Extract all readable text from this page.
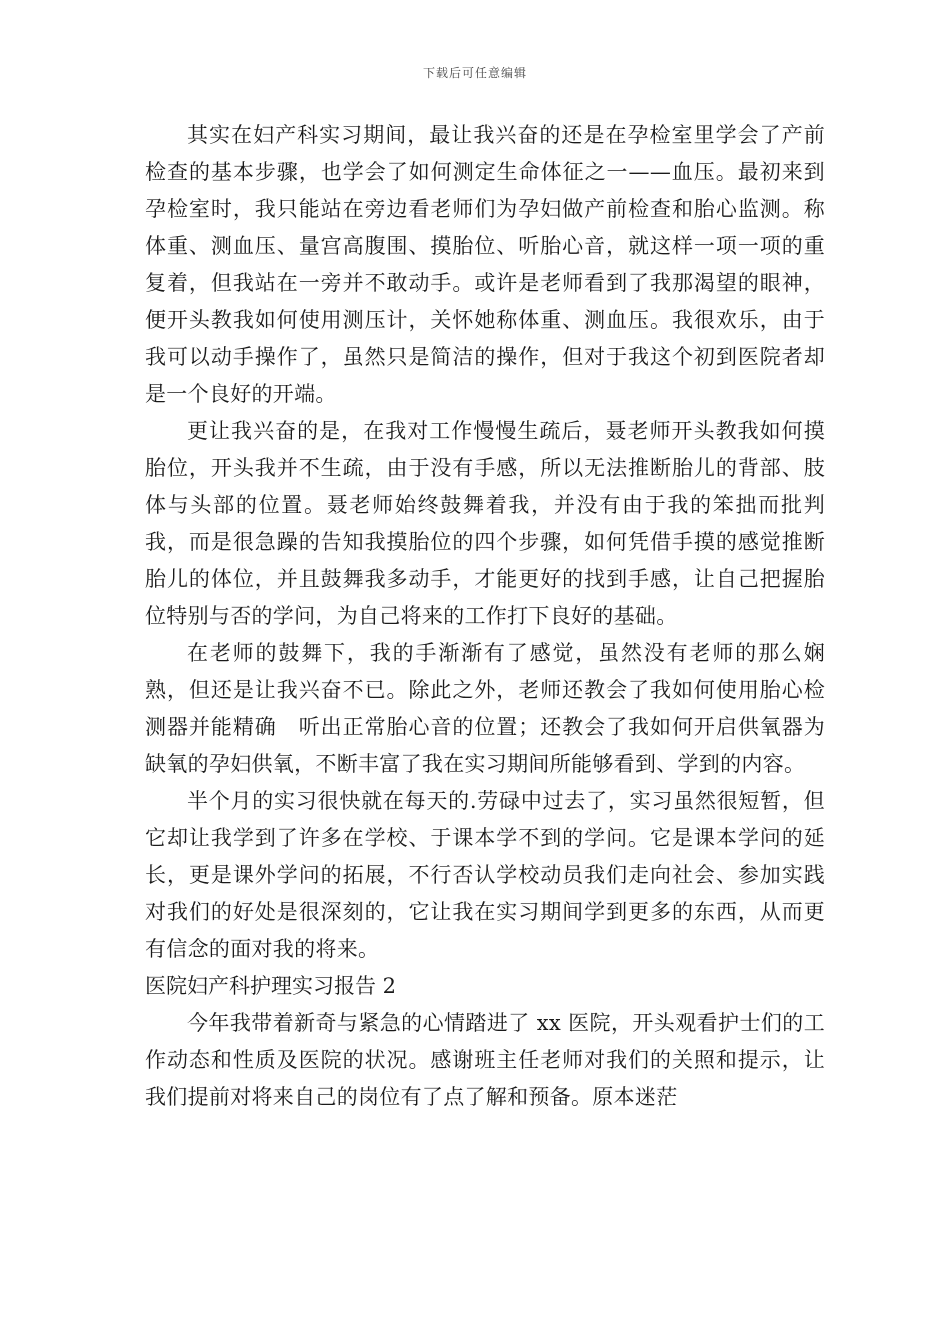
下载后可任意编辑

其实在妇产科实习期间，最让我兴奋的还是在孕检室里学会了产前检查的基本步骤，也学会了如何测定生命体征之一——血压。最初来到孕检室时，我只能站在旁边看老师们为孕妇做产前检查和胎心监测。称体重、测血压、量宫高腹围、摸胎位、听胎心音，就这样一项一项的重复着，但我站在一旁并不敢动手。或许是老师看到了我那渴望的眼神，便开头教我如何使用测压计，关怀她称体重、测血压。我很欢乐，由于我可以动手操作了，虽然只是简洁的操作，但对于我这个初到医院者却是一个良好的开端。

更让我兴奋的是，在我对工作慢慢生疏后，聂老师开头教我如何摸胎位，开头我并不生疏，由于没有手感，所以无法推断胎儿的背部、肢体与头部的位置。聂老师始终鼓舞着我，并没有由于我的笨拙而批判我，而是很急躁的告知我摸胎位的四个步骤，如何凭借手摸的感觉推断胎儿的体位，并且鼓舞我多动手，才能更好的找到手感，让自己把握胎位特别与否的学问，为自己将来的工作打下良好的基础。

在老师的鼓舞下，我的手渐渐有了感觉，虽然没有老师的那么娴熟，但还是让我兴奋不已。除此之外，老师还教会了我如何使用胎心检测器并能精确　听出正常胎心音的位置；还教会了我如何开启供氧器为缺氧的孕妇供氧，不断丰富了我在实习期间所能够看到、学到的内容。

半个月的实习很快就在每天的.劳碌中过去了，实习虽然很短暂，但它却让我学到了许多在学校、于课本学不到的学问。它是课本学问的延长，更是课外学问的拓展，不行否认学校动员我们走向社会、参加实践对我们的好处是很深刻的，它让我在实习期间学到更多的东西，从而更有信念的面对我的将来。

医院妇产科护理实习报告 2

今年我带着新奇与紧急的心情踏进了 xx 医院，开头观看护士们的工作动态和性质及医院的状况。感谢班主任老师对我们的关照和提示，让我们提前对将来自己的岗位有了点了解和预备。原本迷茫
